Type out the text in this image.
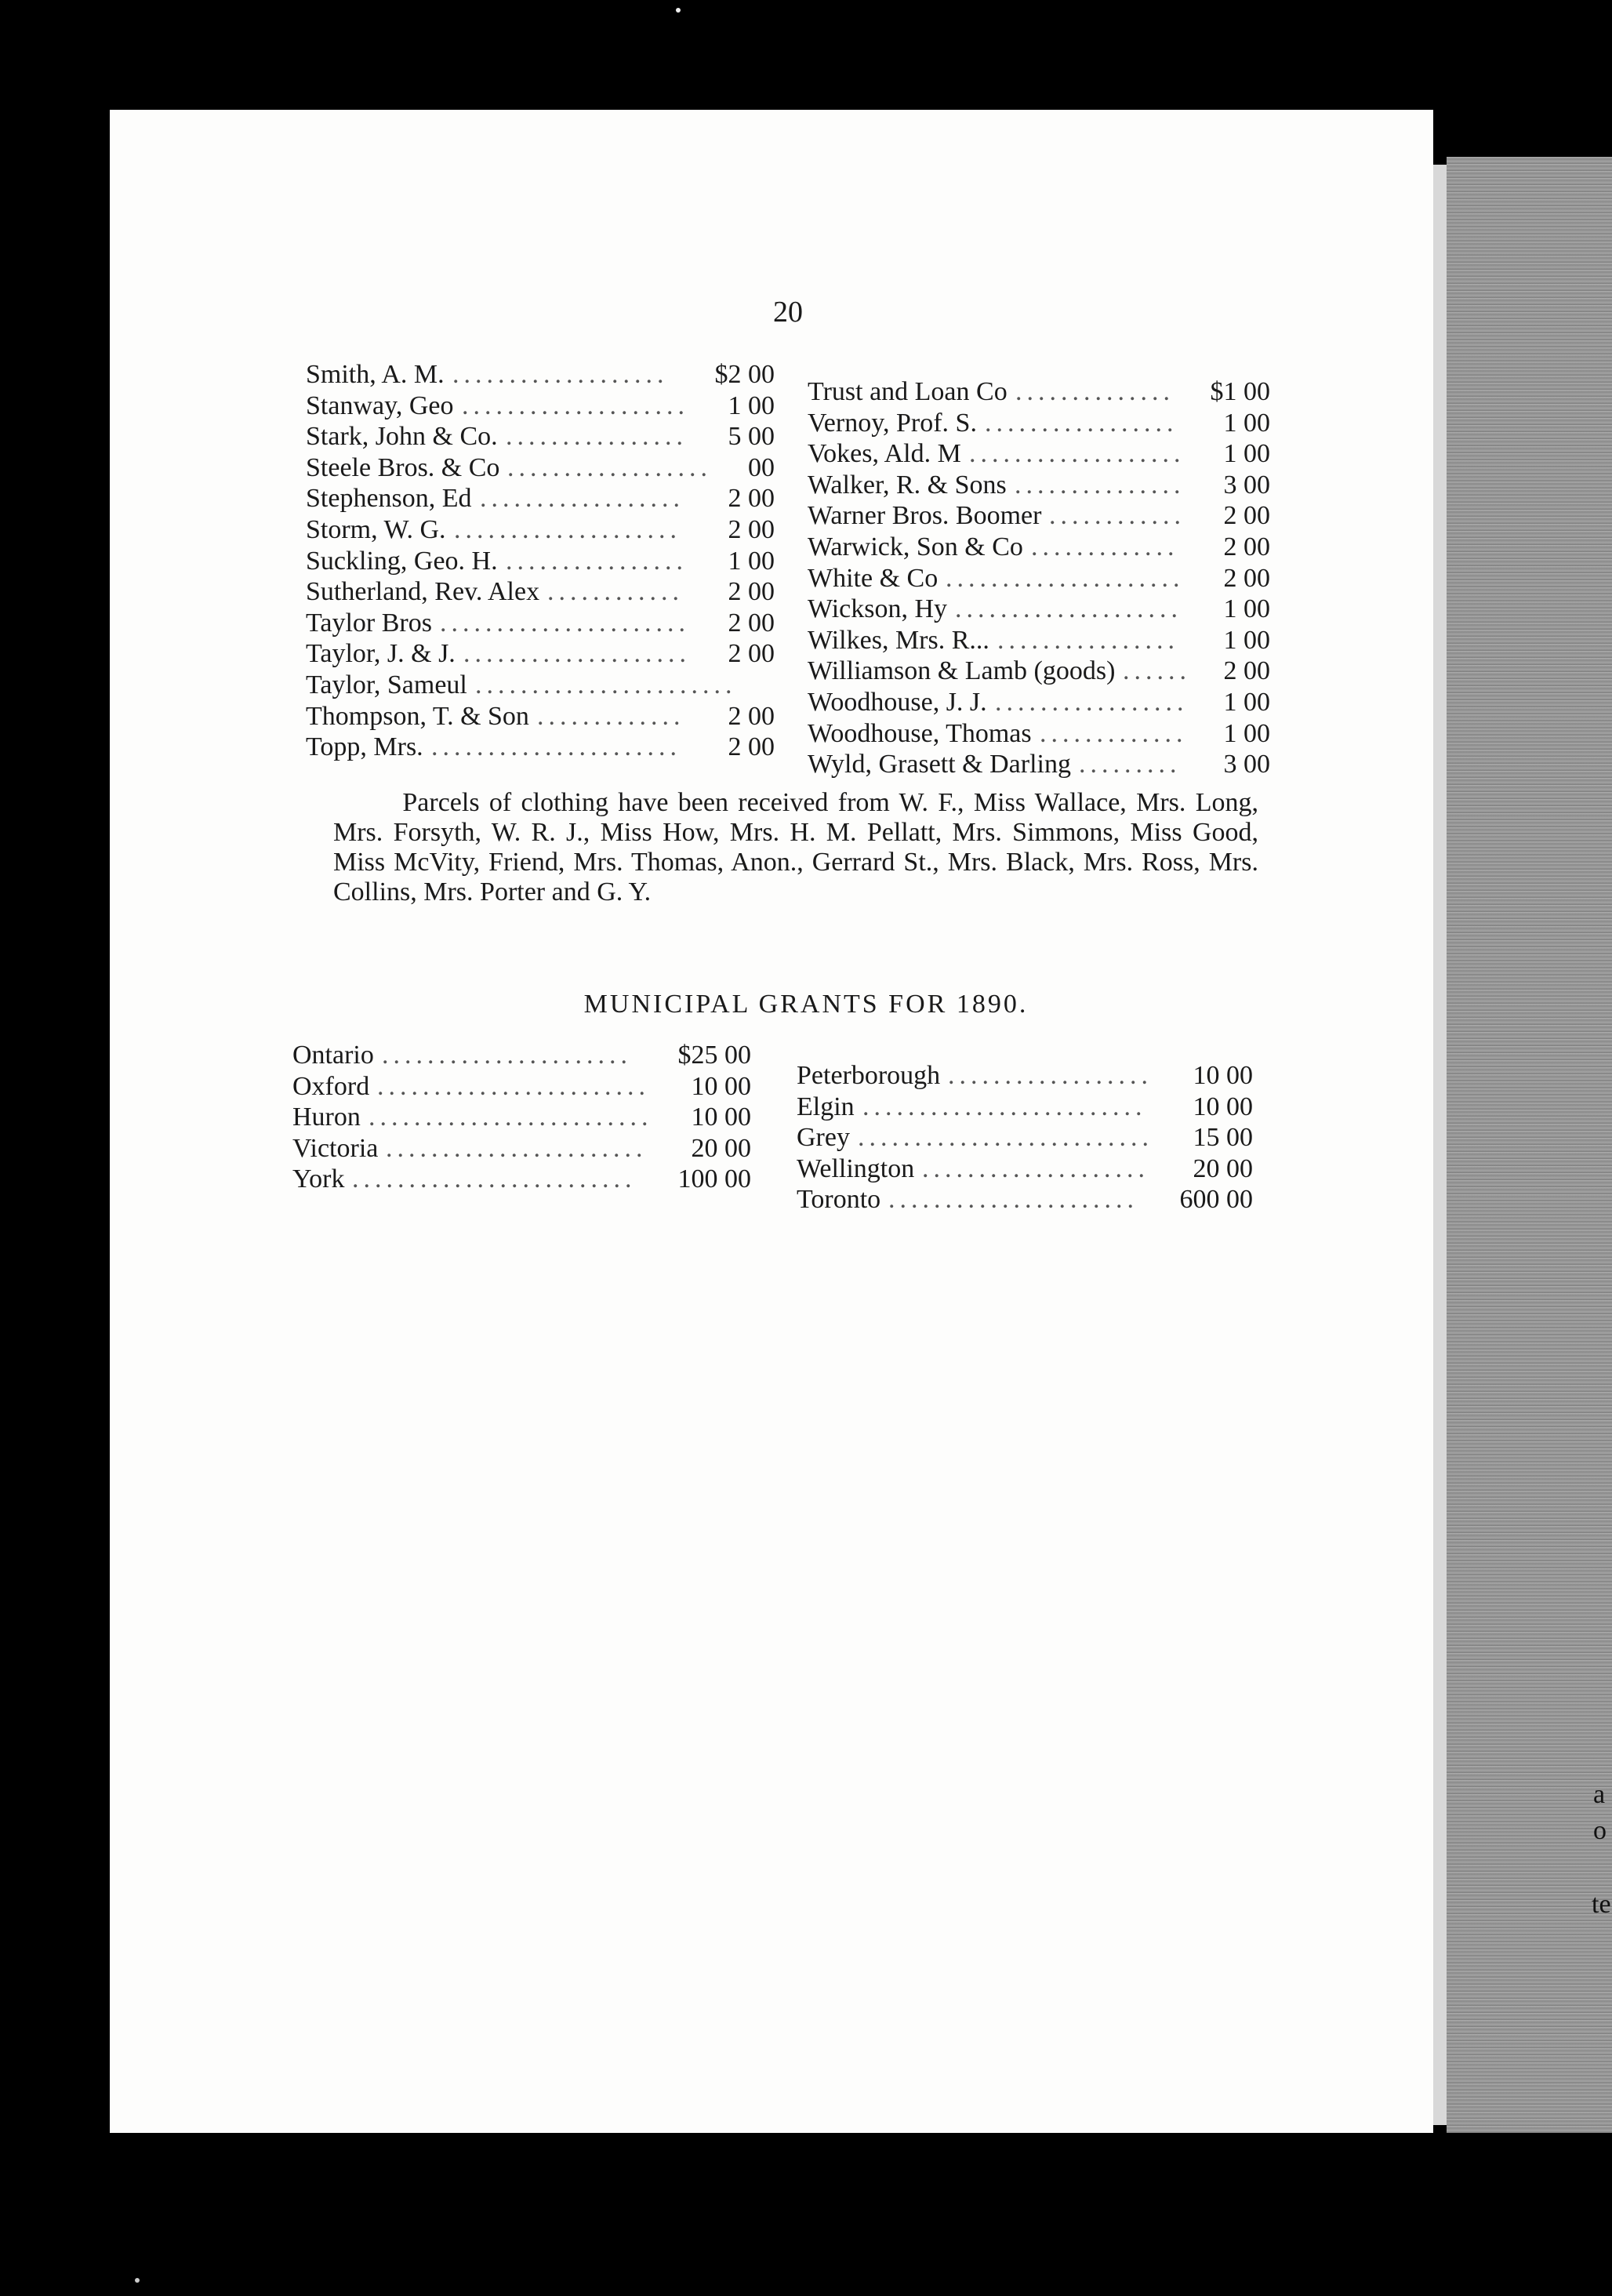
a
o
te
20
Smith, A. M. ................... $2 00
Stanway, Geo .................... 1 00
Stark, John & Co. ................ 5 00
Steele Bros. & Co .................. 00
Stephenson, Ed .................. 2 00
Storm, W. G. .................... 2 00
Suckling, Geo. H. ................ 1 00
Sutherland, Rev. Alex ............ 2 00
Taylor Bros ...................... 2 00
Taylor, J. & J. .................... 2 00
Taylor, Sameul .......................
Thompson, T. & Son ............. 2 00
Topp, Mrs. ...................... 2 00
Trust and Loan Co .............. $1 00
Vernoy, Prof. S. ................. 1 00
Vokes, Ald. M ................... 1 00
Walker, R. & Sons ............... 3 00
Warner Bros. Boomer ............ 2 00
Warwick, Son & Co ............. 2 00
White & Co ..................... 2 00
Wickson, Hy .................... 1 00
Wilkes, Mrs. R... ................ 1 00
Williamson & Lamb (goods) ...... 2 00
Woodhouse, J. J. ................. 1 00
Woodhouse, Thomas ............. 1 00
Wyld, Grasett & Darling ......... 3 00
Parcels of clothing have been received from W. F., Miss Wallace, Mrs. Long, Mrs. Forsyth, W. R. J., Miss How, Mrs. H. M. Pellatt, Mrs. Simmons, Miss Good, Miss McVity, Friend, Mrs. Thomas, Anon., Gerrard St., Mrs. Black, Mrs. Ross, Mrs. Collins, Mrs. Porter and G. Y.
MUNICIPAL GRANTS FOR 1890.
Ontario ...................... $25 00
Oxford ........................ 10 00
Huron ......................... 10 00
Victoria ....................... 20 00
York ......................... 100 00
Peterborough .................. 10 00
Elgin ......................... 10 00
Grey .......................... 15 00
Wellington .................... 20 00
Toronto ...................... 600 00
